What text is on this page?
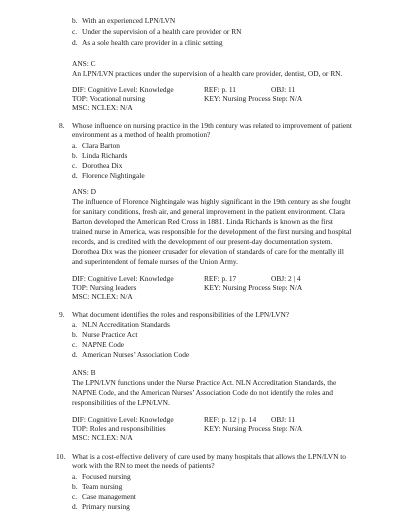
b. With an experienced LPN/LVN
c. Under the supervision of a health care provider or RN
d. As a sole health care provider in a clinic setting
ANS: C
An LPN/LVN practices under the supervision of a health care provider, dentist, OD, or RN.
DIF: Cognitive Level: Knowledge	REF: p. 11	OBJ: 11
TOP: Vocational nursing	KEY: Nursing Process Step: N/A
MSC: NCLEX: N/A
8. Whose influence on nursing practice in the 19th century was related to improvement of patient
environment as a method of health promotion?
a. Clara Barton
b. Linda Richards
c. Dorothea Dix
d. Florence Nightingale
ANS: D
The influence of Florence Nightingale was highly significant in the 19th century as she fought
for sanitary conditions, fresh air, and general improvement in the patient environment. Clara
Barton developed the American Red Cross in 1881. Linda Richards is known as the first
trained nurse in America, was responsible for the development of the first nursing and hospital
records, and is credited with the development of our present-day documentation system.
Dorothea Dix was the pioneer crusader for elevation of standards of care for the mentally ill
and superintendent of female nurses of the Union Army.
DIF: Cognitive Level: Knowledge	REF: p. 17	OBJ: 2 | 4
TOP: Nursing leaders	KEY: Nursing Process Step: N/A
MSC: NCLEX: N/A
9. What document identifies the roles and responsibilities of the LPN/LVN?
a. NLN Accreditation Standards
b. Nurse Practice Act
c. NAPNE Code
d. American Nurses’ Association Code
ANS: B
The LPN/LVN functions under the Nurse Practice Act. NLN Accreditation Standards, the
NAPNE Code, and the American Nurses’ Association Code do not identify the roles and
responsibilities of the LPN/LVN.
DIF: Cognitive Level: Knowledge	REF: p. 12 | p. 14 OBJ: 11
TOP: Roles and responsibilities	KEY: Nursing Process Step: N/A
MSC: NCLEX: N/A
10. What is a cost-effective delivery of care used by many hospitals that allows the LPN/LVN to
work with the RN to meet the needs of patients?
a. Focused nursing
b. Team nursing
c. Case management
d. Primary nursing
